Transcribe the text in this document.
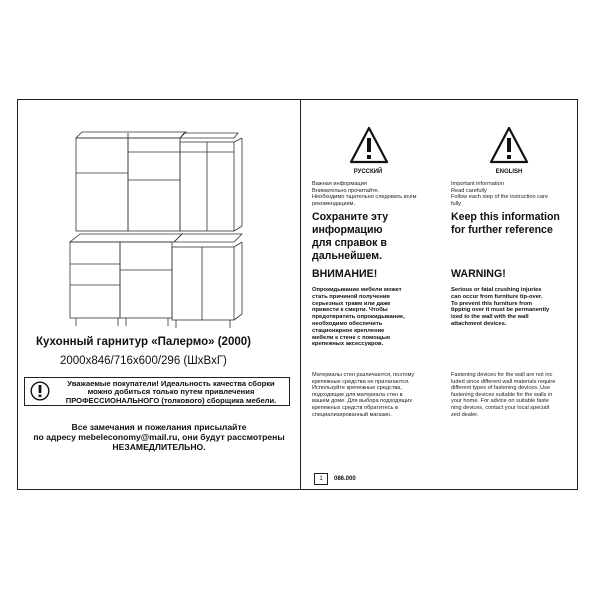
Кухонный гарнитур «Палермо» (2000)
2000х846/716х600/296 (ШхВхГ)
Уважаемые покупатели! Идеальность качества сборки
можно добиться только путем привлечения
ПРОФЕССИОНАЛЬНОГО (толкового) сборщика мебели.
Все замечания и пожелания присылайте
по адресу mebeleconomy@mail.ru, они будут рассмотрены
НЕЗАМЕДЛИТЕЛЬНО.
РУССКИЙ
Важная информация
Внимательно прочитайте.
Необходимо тщательно следовать всем
рекомендациям.
Сохраните эту
информацию
для справок в
дальнейшем.
ВНИМАНИЕ!
Опрокидывание мебели может
стать причиной получения
серьезных травм или даже
привести к смерти. Чтобы
предотвратить опрокидывание,
необходимо обеспечить
стационарное крепление
мебели к стене с помощью
крепежных аксессуаров.
Материалы стен различаются, поэтому
крепежные средства не прилагаются.
Используйте крепежные средства,
подходящие для материала стен в
вашем доме. Для выбора подходящих
крепежных средств обратитесь в
специализированный магазин.
ENGLISH
Important information
Read carefully
Follow each step of the instruction care
fully
Keep this information
for further reference
WARNING!
Serious or fatal crushing injuries
can occur from furniture tip-over.
To prevent this furniture from
tipping over it must be permanently
ixed to the wall with the wall
attachment devices.
Fastening devices for the wall are not inc
luded since different wall materials require
different types of fastening devices. Use
fastening devices suitable for the walls in
your home. For advice on suitable faste
ning devices, contact your local specialt
zed dealer.
1	086.000
